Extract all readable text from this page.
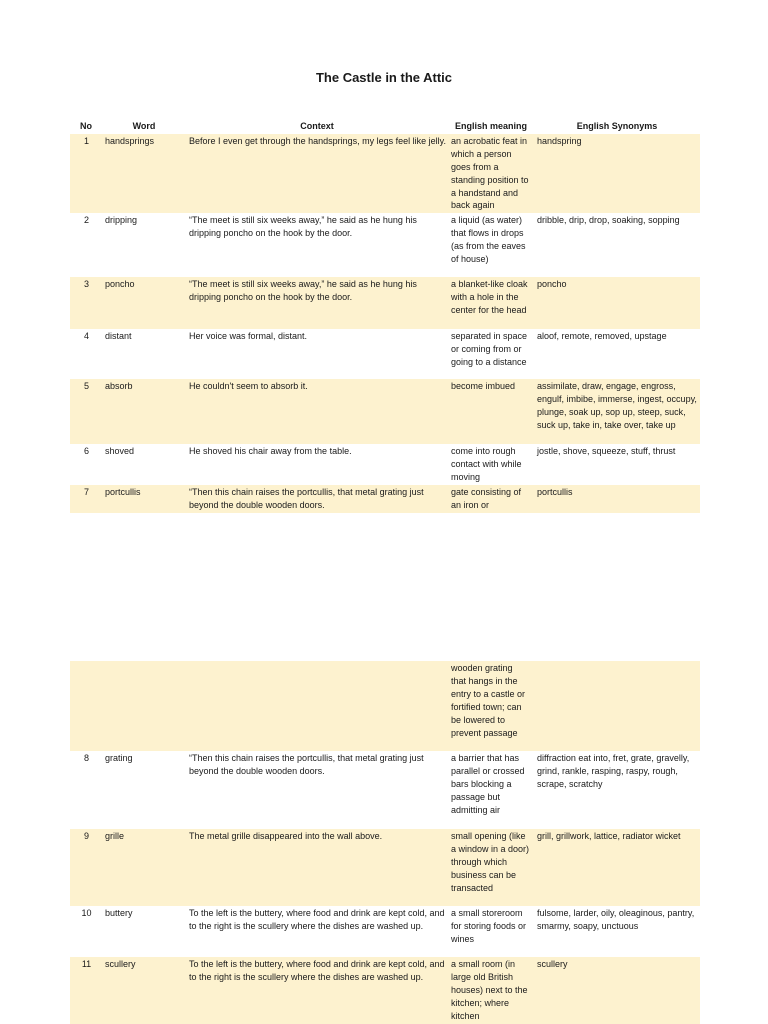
The Castle in the Attic
No	Word	Context	English meaning	English Synonyms
1	handsprings	Before I even get through the handsprings, my legs feel like jelly.	an acrobatic feat in which a person goes from a standing position to a handstand and back again	handspring
2	dripping	“The meet is still six weeks away,” he said as he hung his dripping poncho on the hook by the door.	a liquid (as water) that flows in drops (as from the eaves of house)	dribble, drip, drop, soaking, sopping
3	poncho	“The meet is still six weeks away,” he said as he hung his dripping poncho on the hook by the door.	a blanket-like cloak with a hole in the center for the head	poncho
4	distant	Her voice was formal, distant.	separated in space or coming from or going to a distance	aloof, remote, removed, upstage
5	absorb	He couldn't seem to absorb it.	become imbued	assimilate, draw, engage, engross, engulf, imbibe, immerse, ingest, occupy, plunge, soak up, sop up, steep, suck, suck up, take in, take over, take up
6	shoved	He shoved his chair away from the table.	come into rough contact with while moving	jostle, shove, squeeze, stuff, thrust
7	portcullis	“Then this chain raises the portcullis, that metal grating just beyond the double wooden doors.	gate consisting of an iron or	portcullis
			wooden grating that hangs in the entry to a castle or fortified town; can be lowered to prevent passage	
8	grating	“Then this chain raises the portcullis, that metal grating just beyond the double wooden doors.	a barrier that has parallel or crossed bars blocking a passage but admitting air	diffraction eat into, fret, grate, gravelly, grind, rankle, rasping, raspy, rough, scrape, scratchy
9	grille	The metal grille disappeared into the wall above.	small opening (like a window in a door) through which business can be transacted	grill, grillwork, lattice, radiator wicket
10	buttery	To the left is the buttery, where food and drink are kept cold, and to the right is the scullery where the dishes are washed up.	a small storeroom for storing foods or wines	fulsome, larder, oily, oleaginous, pantry, smarmy, soapy, unctuous
11	scullery	To the left is the buttery, where food and drink are kept cold, and to the right is the scullery where the dishes are washed up.	a small room (in large old British houses) next to the kitchen; where kitchen	scullery
